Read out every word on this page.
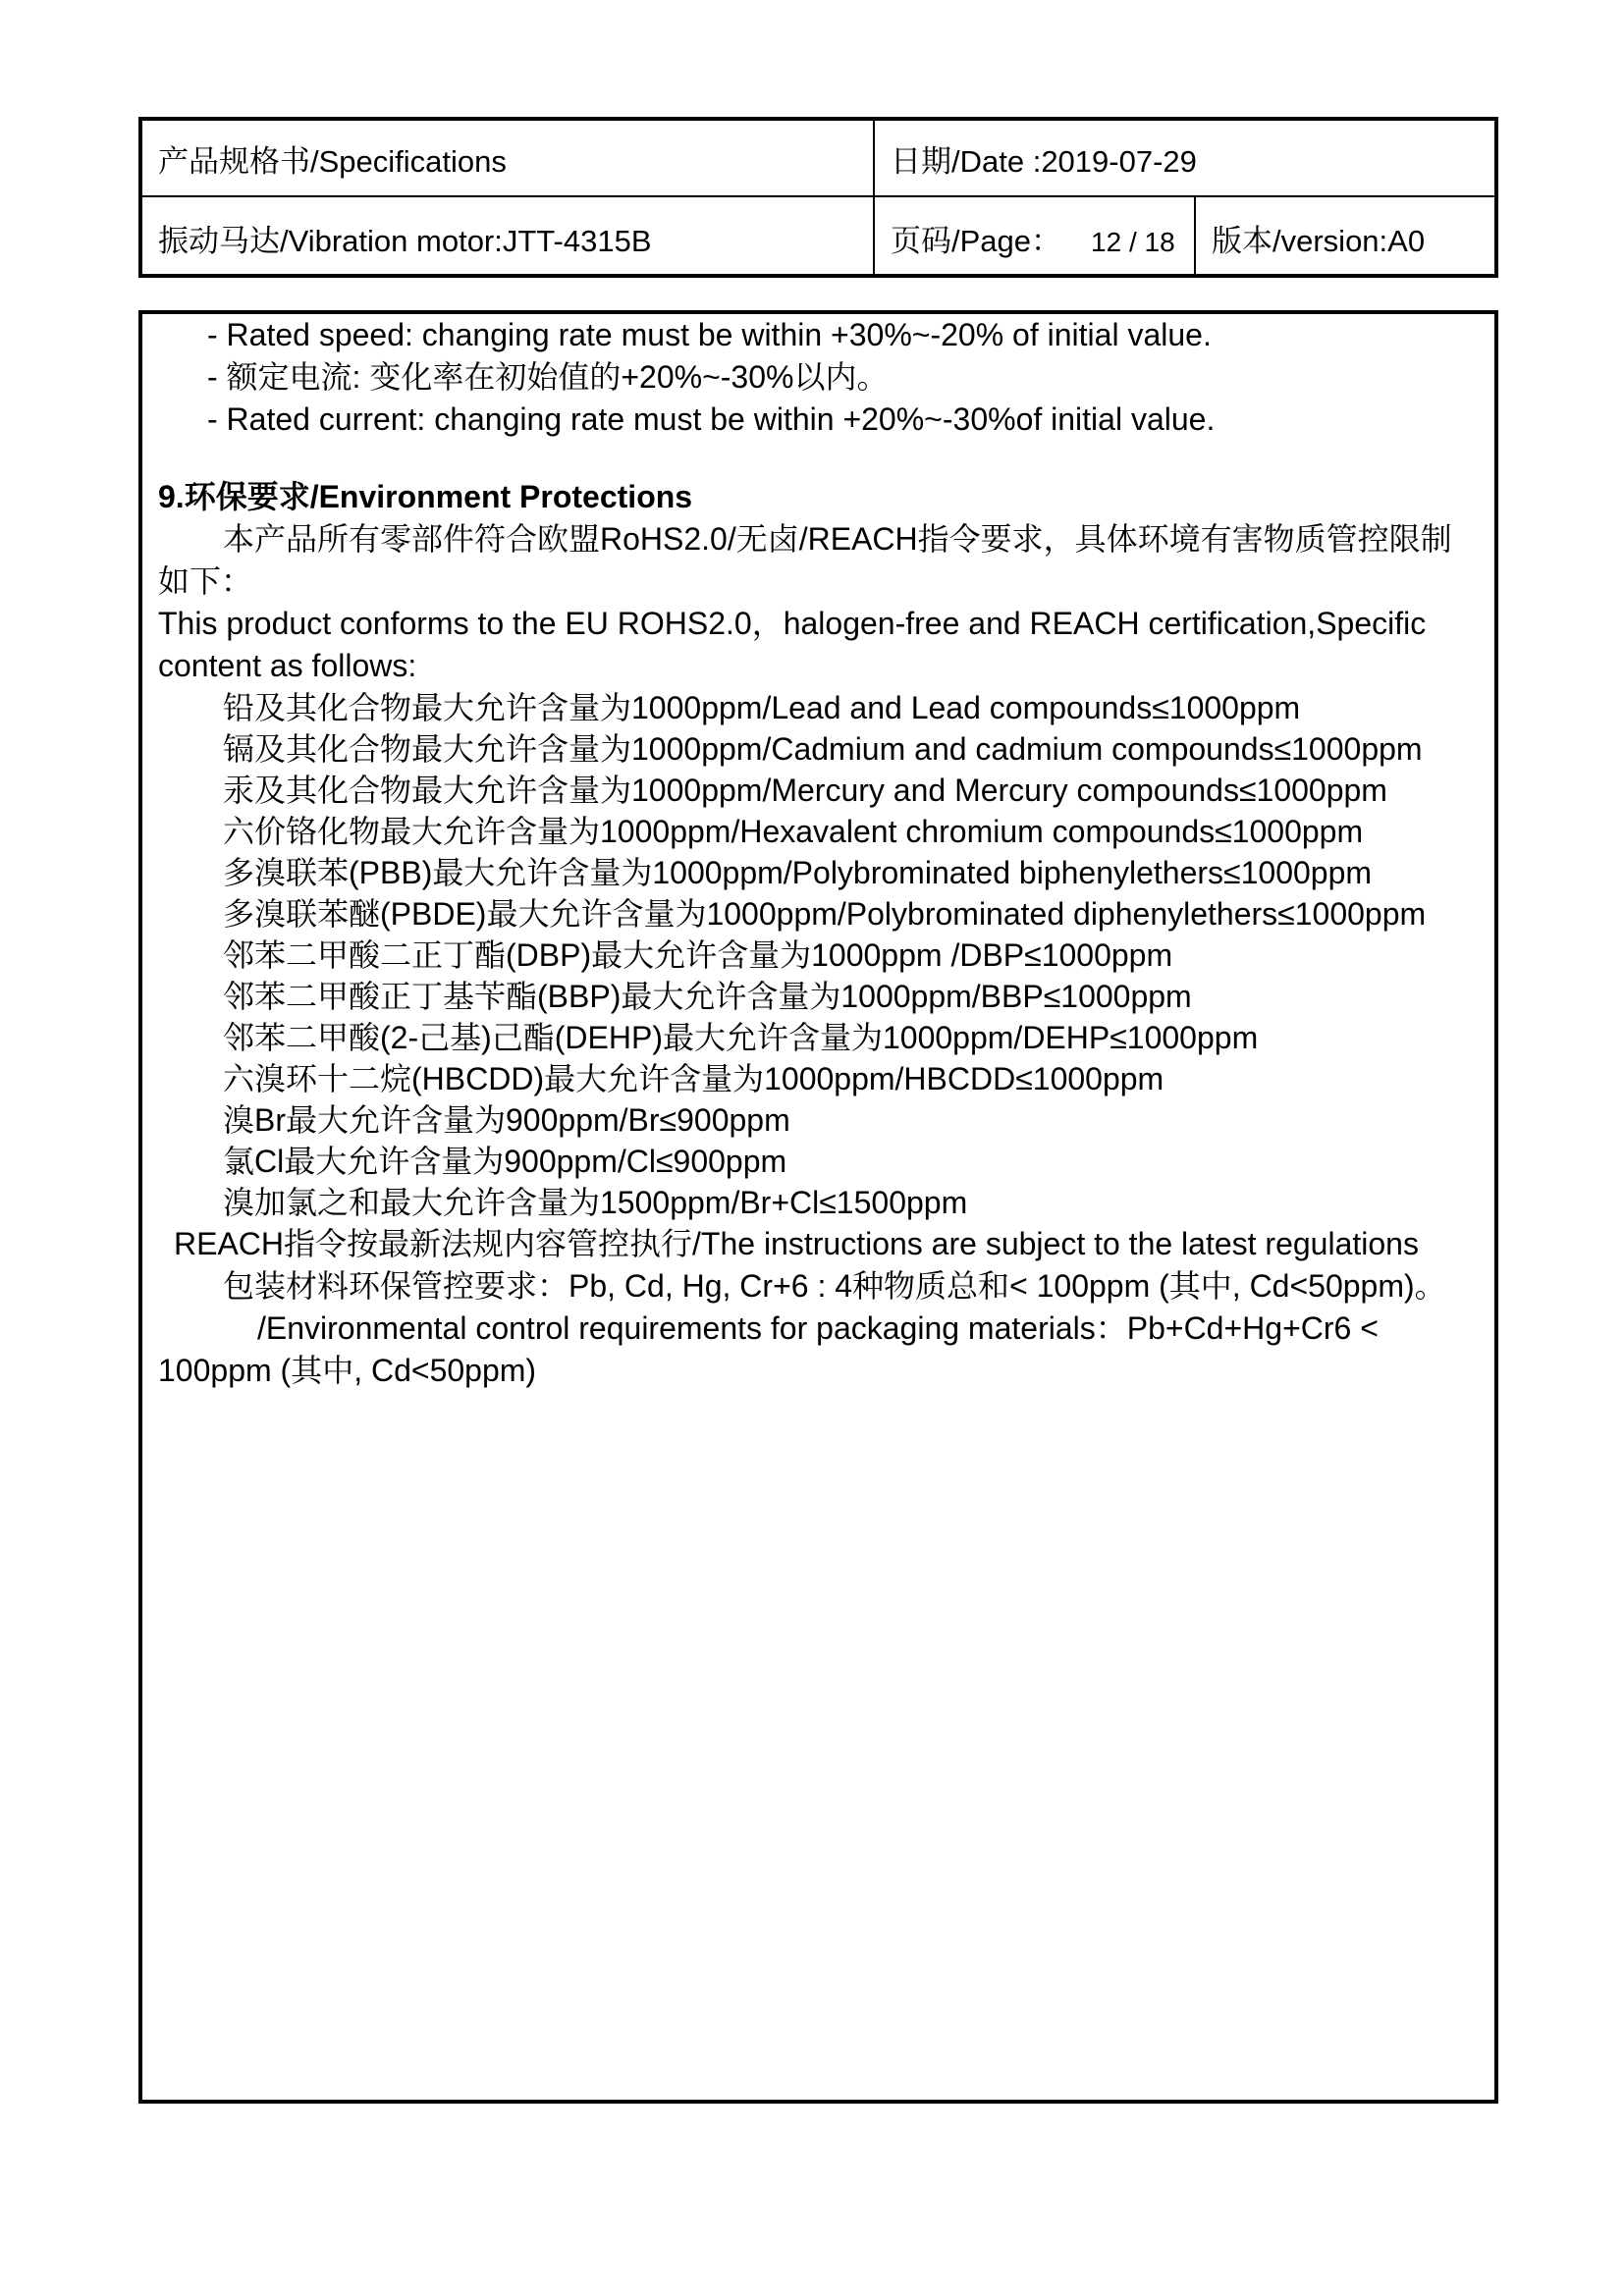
产品规格书/Specifications	日期/Date :2019-07-29	
振动马达/Vibration motor:JTT-4315B	页码/Page： 12 / 18	版本/version:A0

- Rated speed: changing rate must be within +30%~-20% of initial value.

- 额定电流: 变化率在初始值的+20%~-30%以内。

- Rated current: changing rate must be within +20%~-30%of initial value.

9.环保要求/Environment Protections

本产品所有零部件符合欧盟RoHS2.0/无卤/REACH指令要求，具体环境有害物质管控限制如下：

This product conforms to the EU ROHS2.0，halogen-free and REACH certification,Specific content as follows:

铅及其化合物最大允许含量为1000ppm/Lead and Lead compounds≤1000ppm

镉及其化合物最大允许含量为1000ppm/Cadmium and cadmium compounds≤1000ppm

汞及其化合物最大允许含量为1000ppm/Mercury and Mercury compounds≤1000ppm

六价铬化物最大允许含量为1000ppm/Hexavalent chromium compounds≤1000ppm

多溴联苯(PBB)最大允许含量为1000ppm/Polybrominated biphenylethers≤1000ppm

多溴联苯醚(PBDE)最大允许含量为1000ppm/Polybrominated diphenylethers≤1000ppm

邻苯二甲酸二正丁酯(DBP)最大允许含量为1000ppm /DBP≤1000ppm

邻苯二甲酸正丁基苄酯(BBP)最大允许含量为1000ppm/BBP≤1000ppm

邻苯二甲酸(2-己基)己酯(DEHP)最大允许含量为1000ppm/DEHP≤1000ppm

六溴环十二烷(HBCDD)最大允许含量为1000ppm/HBCDD≤1000ppm

溴Br最大允许含量为900ppm/Br≤900ppm

氯Cl最大允许含量为900ppm/Cl≤900ppm

溴加氯之和最大允许含量为1500ppm/Br+Cl≤1500ppm

REACH指令按最新法规内容管控执行/The instructions are subject to the latest regulations

包装材料环保管控要求：Pb, Cd, Hg, Cr+6 : 4种物质总和< 100ppm (其中, Cd<50ppm)。

/Environmental control requirements for packaging materials：Pb+Cd+Hg+Cr6 <

100ppm (其中, Cd<50ppm)
